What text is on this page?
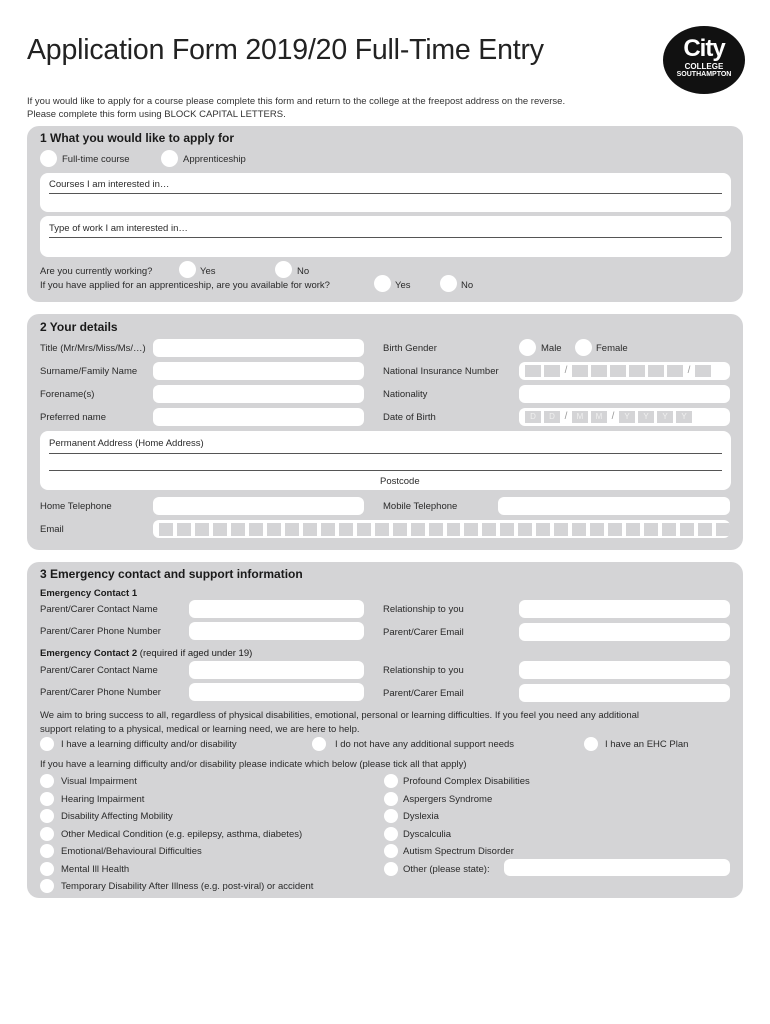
Application Form 2019/20 Full-Time Entry	City
COLLEGE
SOUTHAMPTON
If you would like to apply for a course please complete this form and return to the college at the freepost address on the reverse.
Please complete this form using BLOCK CAPITAL LETTERS.
1 What you would like to apply for
Full-time course	Apprenticeship
Courses I am interested in…
Type of work I am interested in…
Are you currently working?	Yes	No
If you have applied for an apprenticeship, are you available for work?	Yes	No
2 Your details
Title (Mr/Mrs/Miss/Ms/…)	Birth Gender	Male	Female
Surname/Family Name	National Insurance Number	/	/
Forename(s)	Nationality
Preferred name	Date of Birth	D	D /	M	M /	Y	Y	Y	Y
Permanent Address (Home Address)
Postcode
Home Telephone	Mobile Telephone
Email
3 Emergency contact and support information
Emergency Contact 1
Parent/Carer Contact Name	Relationship to you
Parent/Carer Phone Number	Parent/Carer Email
Emergency Contact 2 (required if aged under 19)
Parent/Carer Contact Name	Relationship to you
Parent/Carer Phone Number	Parent/Carer Email
We aim to bring success to all, regardless of physical disabilities, emotional, personal or learning difficulties. If you feel you need any additional
support relating to a physical, medical or learning need, we are here to help.
I have a learning difficulty and/or disability	I do not have any additional support needs	I have an EHC Plan
If you have a learning difficulty and/or disability please indicate which below (please tick all that apply)
Visual Impairment
Hearing Impairment
Disability Affecting Mobility
Other Medical Condition (e.g. epilepsy, asthma, diabetes)
Emotional/Behavioural Difficulties
Mental Ill Health
Temporary Disability After Illness (e.g. post-viral) or accident
Profound Complex Disabilities
Aspergers Syndrome
Dyslexia
Dyscalculia
Autism Spectrum Disorder
Other (please state):
